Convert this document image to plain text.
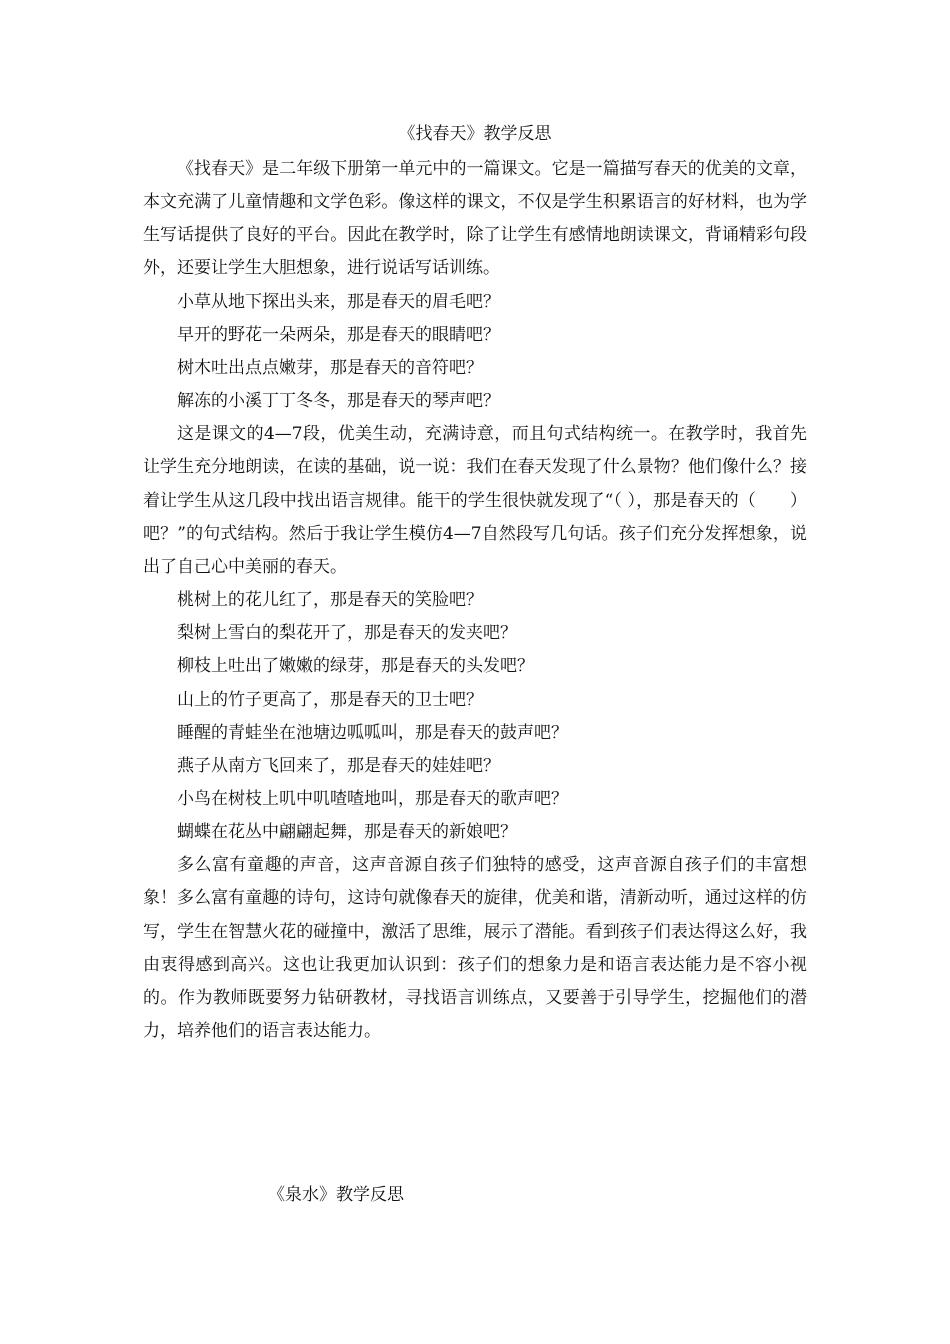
《找春天》教学反思

《找春天》是二年级下册第一单元中的一篇课文。它是一篇描写春天的优美的文章，本文充满了儿童情趣和文学色彩。像这样的课文，不仅是学生积累语言的好材料，也为学生写话提供了良好的平台。因此在教学时，除了让学生有感情地朗读课文，背诵精彩句段外，还要让学生大胆想象，进行说话写话训练。

小草从地下探出头来，那是春天的眉毛吧？

早开的野花一朵两朵，那是春天的眼睛吧？

树木吐出点点嫩芽，那是春天的音符吧？

解冻的小溪丁丁冬冬，那是春天的琴声吧？

这是课文的4—7段，优美生动，充满诗意，而且句式结构统一。在教学时，我首先让学生充分地朗读，在读的基础，说一说：我们在春天发现了什么景物？他们像什么？接着让学生从这几段中找出语言规律。能干的学生很快就发现了“（ ），那是春天的（　　）吧？”的句式结构。然后于我让学生模仿4—7自然段写几句话。孩子们充分发挥想象，说出了自己心中美丽的春天。

桃树上的花儿红了，那是春天的笑脸吧？

梨树上雪白的梨花开了，那是春天的发夹吧？

柳枝上吐出了嫩嫩的绿芽，那是春天的头发吧？

山上的竹子更高了，那是春天的卫士吧？

睡醒的青蛙坐在池塘边呱呱叫，那是春天的鼓声吧？

燕子从南方飞回来了，那是春天的娃娃吧？

小鸟在树枝上叽中叽喳喳地叫，那是春天的歌声吧？

蝴蝶在花丛中翩翩起舞，那是春天的新娘吧？

多么富有童趣的声音，这声音源自孩子们独特的感受，这声音源自孩子们的丰富想象！多么富有童趣的诗句，这诗句就像春天的旋律，优美和谐，清新动听，通过这样的仿写，学生在智慧火花的碰撞中，激活了思维，展示了潜能。看到孩子们表达得这么好，我由衷得感到高兴。这也让我更加认识到：孩子们的想象力是和语言表达能力是不容小视的。作为教师既要努力钻研教材，寻找语言训练点，又要善于引导学生，挖掘他们的潜力，培养他们的语言表达能力。

《泉水》教学反思
